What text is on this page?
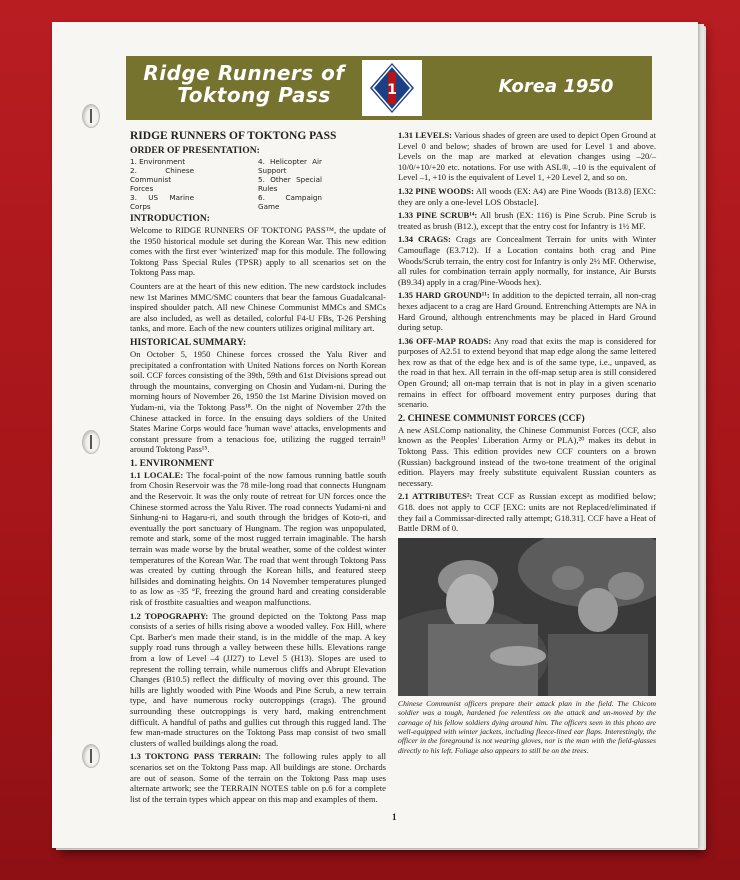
Ridge Runners of
Toktong Pass	1	Korea 1950
RIDGE RUNNERS OF TOKTONG PASS
ORDER OF PRESENTATION:
1. Environment
2. Chinese Communist Forces
3. US Marine Corps
4. Helicopter Air Support
5. Other Special Rules
6. Campaign Game
INTRODUCTION:

Welcome to RIDGE RUNNERS OF TOKTONG PASS™, the update of the 1950 historical module set during the Korean War. This new edition comes with the first ever 'winterized' map for this module. The following Toktong Pass Special Rules (TPSR) apply to all scenarios set on the Toktong Pass map.

Counters are at the heart of this new edition. The new cardstock includes new 1st Marines MMC/SMC counters that bear the famous Guadalcanal-inspired shoulder patch. All new Chinese Communist MMCs and SMCs are also included, as well as detailed, colorful F4-U FBs, T-26 Pershing tanks, and more. Each of the new counters utilizes original military art.

HISTORICAL SUMMARY:

On October 5, 1950 Chinese forces crossed the Yalu River and precipitated a confrontation with United Nations forces on North Korean soil. CCF forces consisting of the 39th, 59th and 61st Divisions spread out through the mountains, converging on Chosin and Yudam-ni. During the morning hours of November 26, 1950 the 1st Marine Division moved on Yudam-ni, via the Toktong Pass¹⁸. On the night of November 27th the Chinese attacked in force. In the ensuing days soldiers of the United States Marine Corps would face 'human wave' attacks, envelopments and constant pressure from a tenacious foe, utilizing the rugged terrain¹¹ around Toktong Pass¹⁵.

1. ENVIRONMENT

1.1 LOCALE: The focal-point of the now famous running battle south from Chosin Reservoir was the 78 mile-long road that connects Hungnam and the Reservoir. It was the only route of retreat for UN forces once the Chinese stormed across the Yalu River. The road connects Yudami-ni and Sinhung-ni to Hagaru-ri, and south through the bridges of Koto-ri, and eventually the port sanctuary of Hungnam. The region was unpopulated, remote and stark, some of the most rugged terrain imaginable. The harsh terrain was made worse by the brutal weather, some of the coldest winter temperatures of the Korean War. The road that went through Toktong Pass was created by cutting through the Korean hills, and featured steep hillsides and dominating heights. On 14 November temperatures plunged to as low as -35 °F, freezing the ground hard and creating considerable risk of frostbite casualties and weapon malfunctions.

1.2 TOPOGRAPHY: The ground depicted on the Toktong Pass map consists of a series of hills rising above a wooded valley. Fox Hill, where Cpt. Barber's men made their stand, is in the middle of the map. A key supply road runs through a valley between these hills. Elevations range from a low of Level –4 (JJ27) to Level 5 (H13). Slopes are used to represent the rolling terrain, while numerous cliffs and Abrupt Elevation Changes (B10.5) reflect the difficulty of moving over this ground. The hills are lightly wooded with Pine Woods and Pine Scrub, a new terrain type, and have numerous rocky outcroppings (crags). The ground surrounding these outcroppings is very hard, making entrenchment difficult. A handful of paths and gullies cut through this rugged land. The few man-made structures on the Toktong Pass map consist of two small clusters of walled buildings along the road.

1.3 TOKTONG PASS TERRAIN: The following rules apply to all scenarios set on the Toktong Pass map. All buildings are stone. Orchards are out of season. Some of the terrain on the Toktong Pass map uses alternate artwork; see the TERRAIN NOTES table on p.6 for a complete list of the terrain types which appear on this map and examples of them.

1.31 LEVELS: Various shades of green are used to depict Open Ground at Level 0 and below; shades of brown are used for Level 1 and above. Levels on the map are marked at elevation changes using –20/–10/0/+10/+20 etc. notations. For use with ASL®, –10 is the equivalent of Level –1, +10 is the equivalent of Level 1, +20 Level 2, and so on.

1.32 PINE WOODS: All woods (EX: A4) are Pine Woods (B13.8) [EXC: they are only a one-level LOS Obstacle].

1.33 PINE SCRUB¹⁴: All brush (EX: 116) is Pine Scrub. Pine Scrub is treated as brush (B12.), except that the entry cost for Infantry is 1½ MF.

1.34 CRAGS: Crags are Concealment Terrain for units with Winter Camouflage (E3.712). If a Location contains both crag and Pine Woods/Scrub terrain, the entry cost for Infantry is only 2½ MF. Otherwise, all rules for combination terrain apply normally, for instance, Air Bursts (B9.34) apply in a crag/Pine-Woods hex).

1.35 HARD GROUND¹¹: In addition to the depicted terrain, all non-crag hexes adjacent to a crag are Hard Ground. Entrenching Attempts are NA in Hard Ground, although entrenchments may be placed in Hard Ground during setup.

1.36 OFF-MAP ROADS: Any road that exits the map is considered for purposes of A2.51 to extend beyond that map edge along the same lettered hex row as that of the edge hex and is of the same type, i.e., unpaved, as the road in that hex. All terrain in the off-map setup area is still considered Open Ground; all on-map terrain that is not in play in a given scenario remains in effect for offboard movement entry purposes during that scenario.

2. CHINESE COMMUNIST FORCES (CCF)

A new ASLComp nationality, the Chinese Communist Forces (CCF, also known as the Peoples' Liberation Army or PLA),²⁰ makes its debut in Toktong Pass. This edition provides new CCF counters on a brown (Russian) background instead of the two-tone treatment of the original edition. Players may freely substitute equivalent Russian counters as necessary.

2.1 ATTRIBUTES²: Treat CCF as Russian except as modified below; G18. does not apply to CCF [EXC: units are not Replaced/eliminated if they fail a Commissar-directed rally attempt; G18.31]. CCF have a Heat of Battle DRM of 0.

Chinese Communist officers prepare their attack plan in the field. The Chicom soldier was a tough, hardened foe relentless on the attack and un-moved by the carnage of his fellow soldiers dying around him. The officers seen in this photo are well-equipped with winter jackets, including fleece-lined ear flaps. Interestingly, the officer in the foreground is not wearing gloves, nor is the man with the field-glasses directly to his left. Foliage also appears to still be on the trees.
1
